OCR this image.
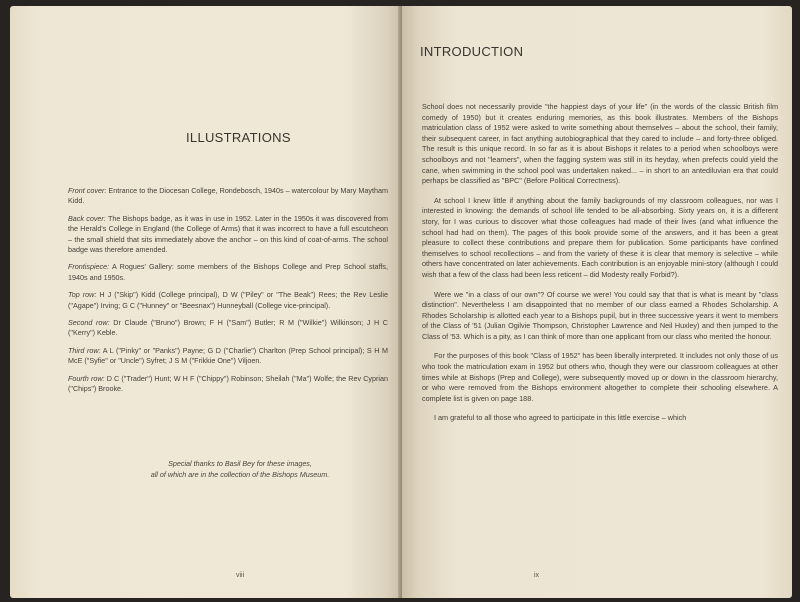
ILLUSTRATIONS

Front cover: Entrance to the Diocesan College, Rondebosch, 1940s – watercolour by Mary Maytham Kidd.

Back cover: The Bishops badge, as it was in use in 1952. Later in the 1950s it was discovered from the Herald's College in England (the College of Arms) that it was incorrect to have a full escutcheon – the small shield that sits immediately above the anchor – on this kind of coat-of-arms. The school badge was therefore amended.

Frontispiece: A Rogues' Gallery: some members of the Bishops College and Prep School staffs, 1940s and 1950s.

Top row: H J ("Skip") Kidd (College principal), D W ("Piley" or "The Beak") Rees; the Rev Leslie ("Agape") Irving; G C ("Hunney" or "Beesnax") Hunneyball (College vice-principal).

Second row: Dr Claude ("Bruno") Brown; F H ("Sam") Butler; R M ("Wilkie") Wilkinson; J H C ("Kerry") Keble.

Third row: A L ("Pinky" or "Panks") Payne; G D ("Charlie") Charlton (Prep School principal); S H M McE ("Syfie" or "Uncle") Syfret; J S M ("Frikkie One") Viljoen.

Fourth row: D C ("Trader") Hunt; W H F ("Chippy") Robinson; Sheilah ("Ma") Wolfe; the Rev Cyprian ("Chips") Brooke.

Special thanks to Basil Bey for these images,
all of which are in the collection of the Bishops Museum.
viii
INTRODUCTION

School does not necessarily provide "the happiest days of your life" (in the words of the classic British film comedy of 1950) but it creates enduring memories, as this book illustrates. Members of the Bishops matriculation class of 1952 were asked to write something about themselves – about the school, their family, their subsequent career, in fact anything autobiographical that they cared to include – and forty-three obliged. The result is this unique record. In so far as it is about Bishops it relates to a period when schoolboys were schoolboys and not "learners", when the fagging system was still in its heyday, when prefects could yield the cane, when swimming in the school pool was undertaken naked... – in short to an antediluvian era that could perhaps be classified as "BPC" (Before Political Correctness).

At school I knew little if anything about the family backgrounds of my classroom colleagues, nor was I interested in knowing: the demands of school life tended to be all-absorbing. Sixty years on, it is a different story, for I was curious to discover what those colleagues had made of their lives (and what influence the school had had on them). The pages of this book provide some of the answers, and it has been a great pleasure to collect these contributions and prepare them for publication. Some participants have confined themselves to school recollections – and from the variety of these it is clear that memory is selective – while others have concentrated on later achievements. Each contribution is an enjoyable mini-story (although I could wish that a few of the class had been less reticent – did Modesty really Forbid?).

Were we "in a class of our own"? Of course we were! You could say that that is what is meant by "class distinction". Nevertheless I am disappointed that no member of our class earned a Rhodes Scholarship. A Rhodes Scholarship is allotted each year to a Bishops pupil, but in three successive years it went to members of the Class of '51 (Julian Ogilvie Thompson, Christopher Lawrence and Neil Huxley) and then jumped to the Class of '53. Which is a pity, as I can think of more than one applicant from our class who merited the honour.

For the purposes of this book "Class of 1952" has been liberally interpreted. It includes not only those of us who took the matriculation exam in 1952 but others who, though they were our classroom colleagues at other times while at Bishops (Prep and College), were subsequently moved up or down in the classroom hierarchy, or who were removed from the Bishops environment altogether to complete their schooling elsewhere. A complete list is given on page 188.

I am grateful to all those who agreed to participate in this little exercise – which

ix
